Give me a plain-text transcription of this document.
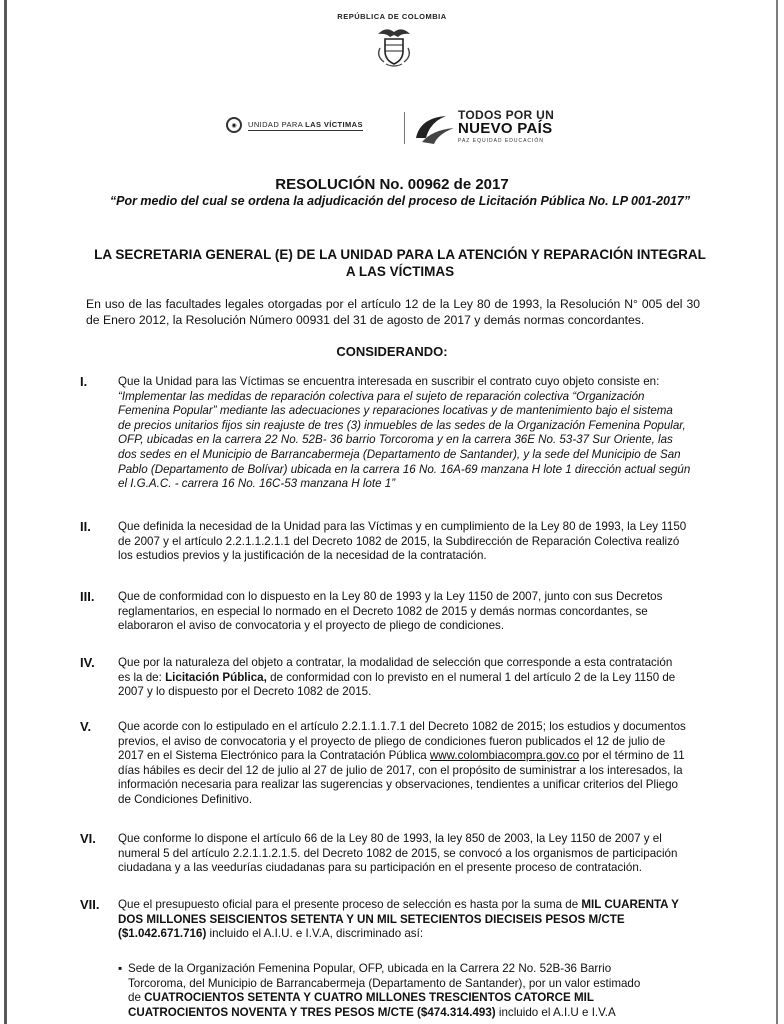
REPÚBLICA DE COLOMBIA
◉	UNIDAD PARA LAS VÍCTIMAS
TODOS POR UN
NUEVO PAÍS
PAZ EQUIDAD EDUCACIÓN
RESOLUCIÓN No. 00962 de 2017
“Por medio del cual se ordena la adjudicación del proceso de Licitación Pública No. LP 001-2017”
LA SECRETARIA GENERAL (E) DE LA UNIDAD PARA LA ATENCIÓN Y REPARACIÓN INTEGRAL
A LAS VÍCTIMAS
En uso de las facultades legales otorgadas por el artículo 12 de la Ley 80 de 1993, la Resolución N° 005 del 30 de Enero 2012, la Resolución Número 00931 del 31 de agosto de 2017 y demás normas concordantes.
CONSIDERANDO:
I.	Que la Unidad para las Víctimas se encuentra interesada en suscribir el contrato cuyo objeto consiste en:
“Implementar las medidas de reparación colectiva para el sujeto de reparación colectiva “Organización
Femenina Popular” mediante las adecuaciones y reparaciones locativas y de mantenimiento bajo el sistema
de precios unitarios fijos sin reajuste de tres (3) inmuebles de las sedes de la Organización Femenina Popular,
OFP, ubicadas en la carrera 22 No. 52B- 36 barrio Torcoroma y en la carrera 36E No. 53-37 Sur Oriente, las
dos sedes en el Municipio de Barrancabermeja (Departamento de Santander), y la sede del Municipio de San
Pablo (Departamento de Bolívar) ubicada en la carrera 16 No. 16A-69 manzana H lote 1 dirección actual según
el I.G.A.C. - carrera 16 No. 16C-53 manzana H lote 1”
II. Que definida la necesidad de la Unidad para las Víctimas y en cumplimiento de la Ley 80 de 1993, la Ley 1150
de 2007 y el artículo 2.2.1.1.2.1.1 del Decreto 1082 de 2015, la Subdirección de Reparación Colectiva realizó
los estudios previos y la justificación de la necesidad de la contratación.
III. Que de conformidad con lo dispuesto en la Ley 80 de 1993 y la Ley 1150 de 2007, junto con sus Decretos
reglamentarios, en especial lo normado en el Decreto 1082 de 2015 y demás normas concordantes, se
elaboraron el aviso de convocatoria y el proyecto de pliego de condiciones.
IV. Que por la naturaleza del objeto a contratar, la modalidad de selección que corresponde a esta contratación
es la de: Licitación Pública, de conformidad con lo previsto en el numeral 1 del artículo 2 de la Ley 1150 de
2007 y lo dispuesto por el Decreto 1082 de 2015.
V. Que acorde con lo estipulado en el artículo 2.2.1.1.1.7.1 del Decreto 1082 de 2015; los estudios y documentos
previos, el aviso de convocatoria y el proyecto de pliego de condiciones fueron publicados el 12 de julio de
2017 en el Sistema Electrónico para la Contratación Pública www.colombiacompra.gov.co por el término de 11
días hábiles es decir del 12 de julio al 27 de julio de 2017, con el propósito de suministrar a los interesados, la
información necesaria para realizar las sugerencias y observaciones, tendientes a unificar criterios del Pliego
de Condiciones Definitivo.
VI. Que conforme lo dispone el artículo 66 de la Ley 80 de 1993, la ley 850 de 2003, la Ley 1150 de 2007 y el
numeral 5 del artículo 2.2.1.1.2.1.5. del Decreto 1082 de 2015, se convocó a los organismos de participación
ciudadana y a las veedurías ciudadanas para su participación en el presente proceso de contratación.
VII. Que el presupuesto oficial para el presente proceso de selección es hasta por la suma de MIL CUARENTA Y
DOS MILLONES SEISCIENTOS SETENTA Y UN MIL SETECIENTOS DIECISEIS PESOS M/CTE
($1.042.671.716) incluido el A.I.U. e I.V.A, discriminado así:
▪ Sede de la Organización Femenina Popular, OFP, ubicada en la Carrera 22 No. 52B-36 Barrio
Torcoroma, del Municipio de Barrancabermeja (Departamento de Santander), por un valor estimado
de CUATROCIENTOS SETENTA Y CUATRO MILLONES TRESCIENTOS CATORCE MIL
CUATROCIENTOS NOVENTA Y TRES PESOS M/CTE ($474.314.493) incluido el A.I.U e I.V.A
